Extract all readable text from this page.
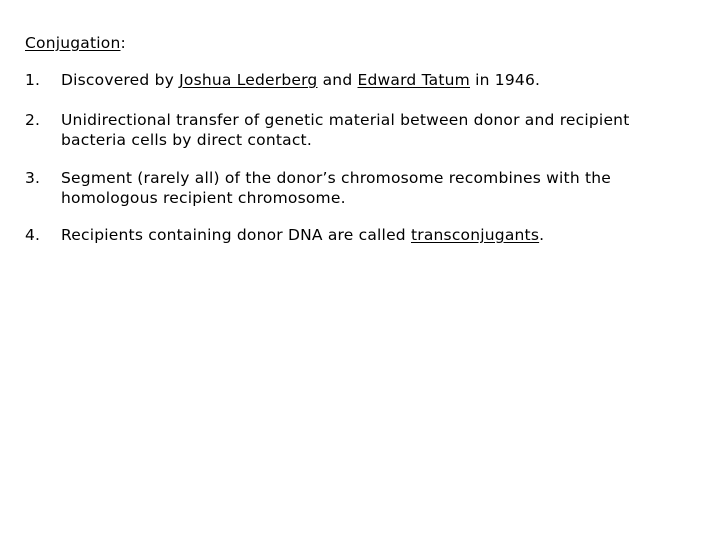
Conjugation:
1.	Discovered by Joshua Lederberg and Edward Tatum in 1946.
2.	Unidirectional transfer of genetic material between donor and recipient bacteria cells by direct contact.
3.	Segment (rarely all) of the donor’s chromosome recombines with the homologous recipient chromosome.
4.	Recipients containing donor DNA are called transconjugants.
